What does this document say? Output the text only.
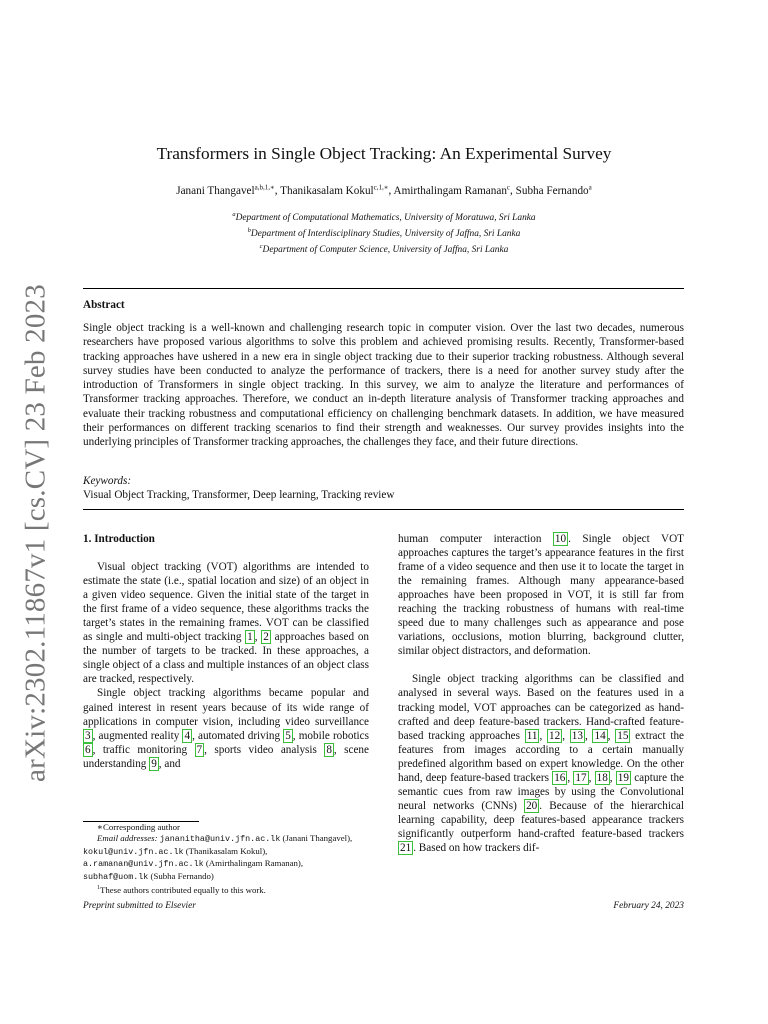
arXiv:2302.11867v1 [cs.CV] 23 Feb 2023
Transformers in Single Object Tracking: An Experimental Survey
Janani Thangavel$^{a,b,1,∗}$, Thanikasalam Kokul$^{c,1,∗}$, Amirthalingam Ramanan$^c$, Subha Fernando$^a$
$^a$Department of Computational Mathematics, University of Moratuwa, Sri Lanka
$^b$Department of Interdisciplinary Studies, University of Jaffna, Sri Lanka
$^c$Department of Computer Science, University of Jaffna, Sri Lanka
Abstract

Single object tracking is a well-known and challenging research topic in computer vision. Over the last two decades, numerous researchers have proposed various algorithms to solve this problem and achieved promising results. Recently, Transformer-based tracking approaches have ushered in a new era in single object tracking due to their superior tracking robustness. Although several survey studies have been conducted to analyze the performance of trackers, there is a need for another survey study after the introduction of Transformers in single object tracking. In this survey, we aim to analyze the literature and performances of Transformer tracking approaches. Therefore, we conduct an in-depth literature analysis of Transformer tracking approaches and evaluate their tracking robustness and computational efficiency on challenging benchmark datasets. In addition, we have measured their performances on different tracking scenarios to find their strength and weaknesses. Our survey provides insights into the underlying principles of Transformer tracking approaches, the challenges they face, and their future directions.

Keywords:
Visual Object Tracking, Transformer, Deep learning, Tracking review

1. Introduction

Visual object tracking (VOT) algorithms are intended to estimate the state (i.e., spatial location and size) of an object in a given video sequence. Given the initial state of the target in the first frame of a video sequence, these algorithms tracks the target’s states in the remaining frames. VOT can be classified as single and multi-object tracking 1 , 2 approaches based on the number of targets to be tracked. In these approaches, a single object of a class and multiple instances of an object class are tracked, respectively.

Single object tracking algorithms became popular and gained interest in resent years because of its wide range of applications in computer vision, including video surveillance 3 , augmented reality 4 , automated driving 5 , mobile robotics 6 , traffic monitoring 7 , sports video analysis 8 , scene understanding 9 , and

human computer interaction 10 . Single object VOT approaches captures the target’s appearance features in the first frame of a video sequence and then use it to locate the target in the remaining frames. Although many appearance-based approaches have been proposed in VOT, it is still far from reaching the tracking robustness of humans with real-time speed due to many challenges such as appearance and pose variations, occlusions, motion blurring, background clutter, similar object distractors, and deformation.

Single object tracking algorithms can be classified and analysed in several ways. Based on the features used in a tracking model, VOT approaches can be categorized as hand-crafted and deep feature-based trackers. Hand-crafted feature-based tracking approaches 11 , 12 , 13 , 14 , 15 extract the features from images according to a certain manually predefined algorithm based on expert knowledge. On the other hand, deep feature-based trackers 16 , 17 , 18 , 19 capture the semantic cues from raw images by using the Convolutional neural networks (CNNs) 20 . Because of the hierarchical learning capability, deep features-based appearance trackers significantly outperform hand-crafted feature-based trackers 21 . Based on how trackers dif-

∗Corresponding author

Email addresses: jananitha@univ.jfn.ac.lk (Janani Thangavel), kokul@univ.jfn.ac.lk (Thanikasalam Kokul), a.ramanan@univ.jfn.ac.lk (Amirthalingam Ramanan), subhaf@uom.lk (Subha Fernando)

$^1$These authors contributed equally to this work.

Preprint submitted to Elsevier	February 24, 2023
